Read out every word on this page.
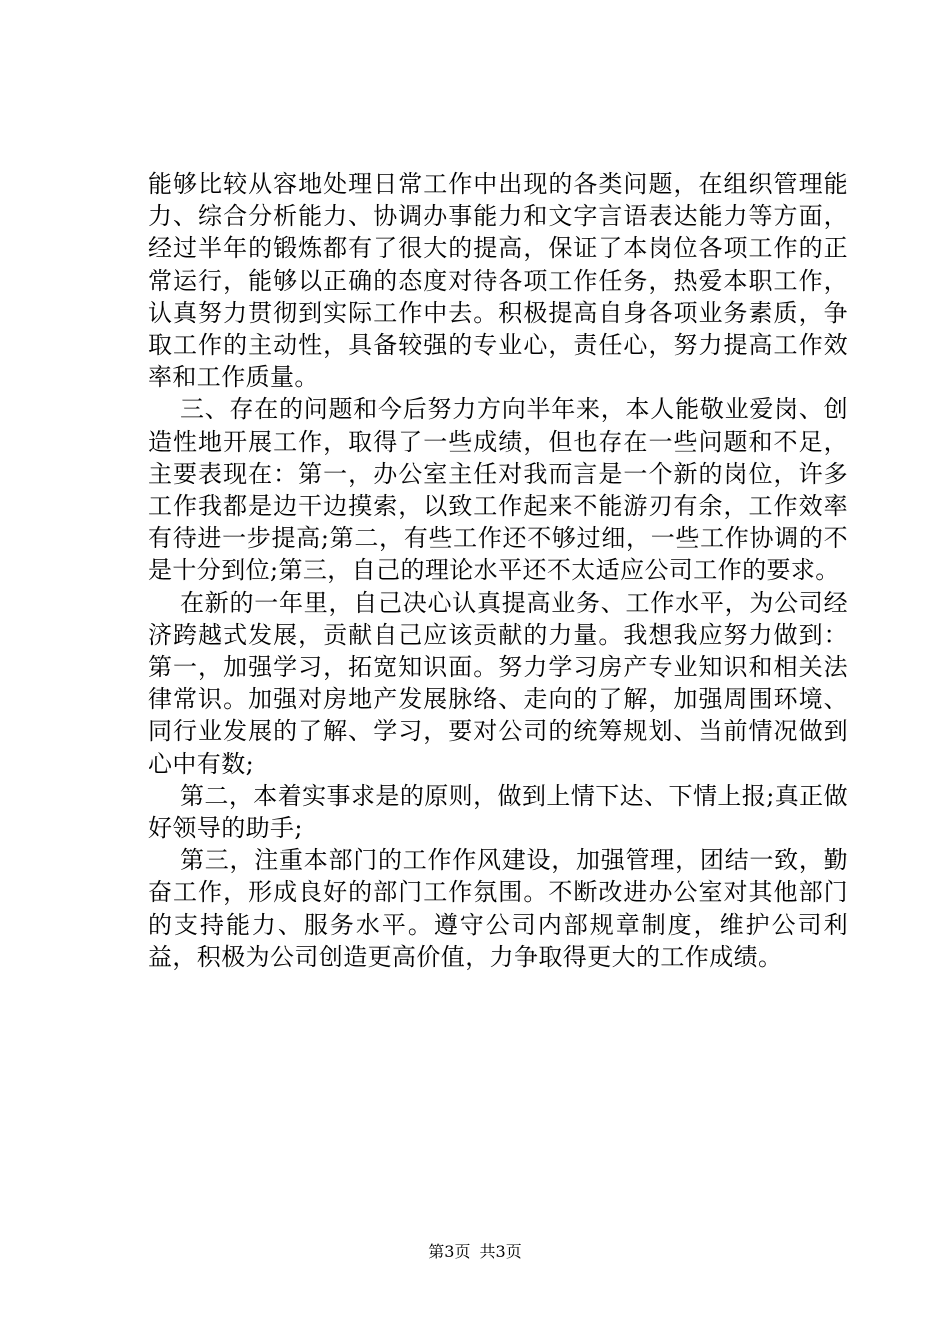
能够比较从容地处理日常工作中出现的各类问题，在组织管理能力、综合分析能力、协调办事能力和文字言语表达能力等方面，经过半年的锻炼都有了很大的提高，保证了本岗位各项工作的正常运行，能够以正确的态度对待各项工作任务，热爱本职工作，认真努力贯彻到实际工作中去。积极提高自身各项业务素质，争取工作的主动性，具备较强的专业心，责任心，努力提高工作效率和工作质量。

三、存在的问题和今后努力方向半年来，本人能敬业爱岗、创造性地开展工作，取得了一些成绩，但也存在一些问题和不足，主要表现在：第一，办公室主任对我而言是一个新的岗位，许多工作我都是边干边摸索，以致工作起来不能游刃有余，工作效率有待进一步提高;第二，有些工作还不够过细，一些工作协调的不是十分到位;第三，自己的理论水平还不太适应公司工作的要求。

在新的一年里，自己决心认真提高业务、工作水平，为公司经济跨越式发展，贡献自己应该贡献的力量。我想我应努力做到：第一，加强学习，拓宽知识面。努力学习房产专业知识和相关法律常识。加强对房地产发展脉络、走向的了解，加强周围环境、同行业发展的了解、学习，要对公司的统筹规划、当前情况做到心中有数;

第二，本着实事求是的原则，做到上情下达、下情上报;真正做好领导的助手;

第三，注重本部门的工作作风建设，加强管理，团结一致，勤奋工作，形成良好的部门工作氛围。不断改进办公室对其他部门的支持能力、服务水平。遵守公司内部规章制度，维护公司利益，积极为公司创造更高价值，力争取得更大的工作成绩。

第3页 共3页
